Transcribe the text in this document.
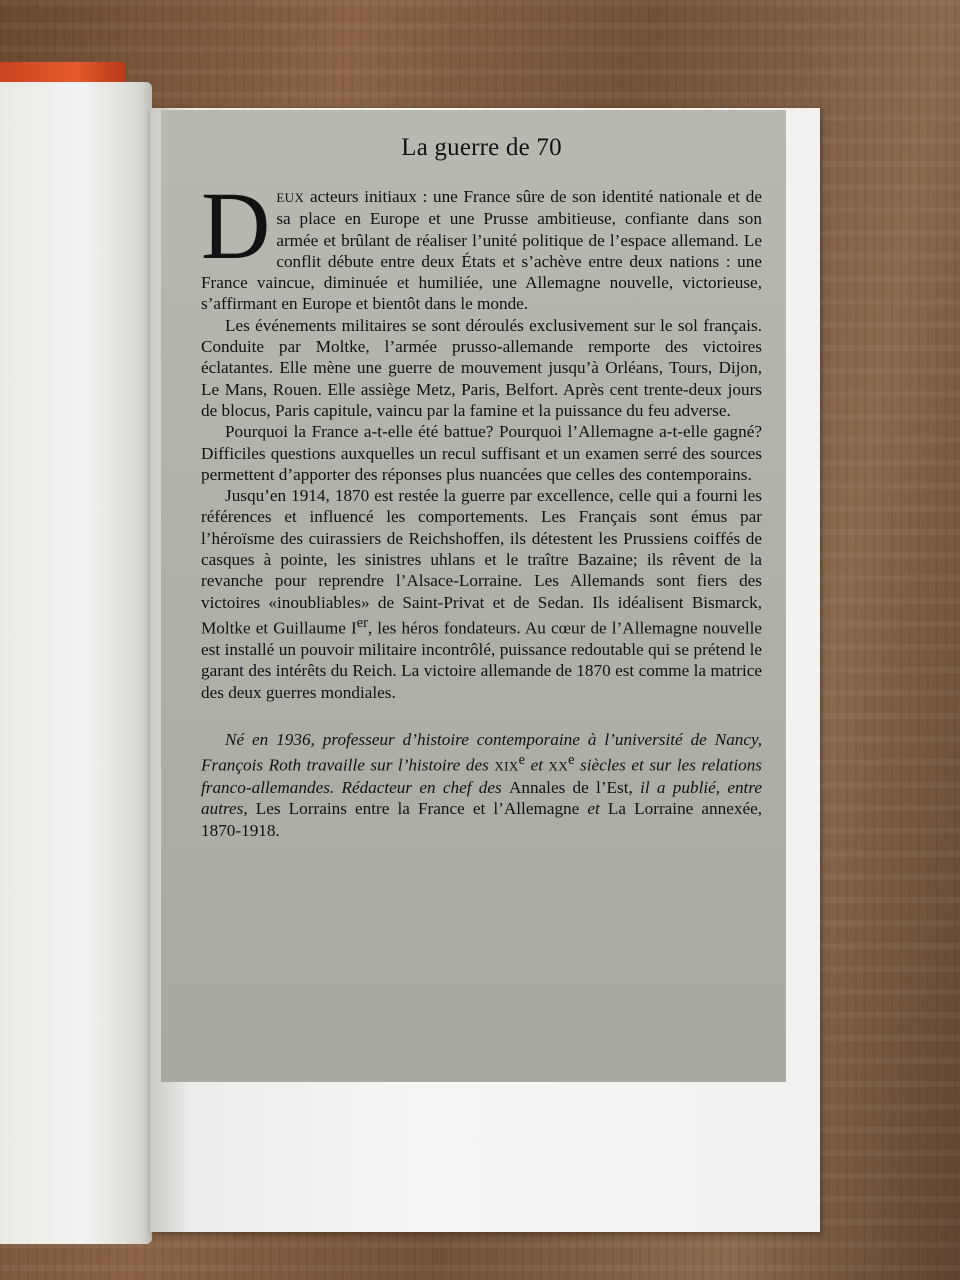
La guerre de 70

DEUX acteurs initiaux : une France sûre de son identité nationale et de sa place en Europe et une Prusse ambitieuse, confiante dans son armée et brûlant de réaliser l’unité politique de l’espace allemand. Le conflit débute entre deux États et s’achève entre deux nations : une France vaincue, diminuée et humiliée, une Allemagne nouvelle, victorieuse, s’affirmant en Europe et bientôt dans le monde.

Les événements militaires se sont déroulés exclusivement sur le sol français. Conduite par Moltke, l’armée prusso-allemande remporte des victoires éclatantes. Elle mène une guerre de mouvement jusqu’à Orléans, Tours, Dijon, Le Mans, Rouen. Elle assiège Metz, Paris, Belfort. Après cent trente-deux jours de blocus, Paris capitule, vaincu par la famine et la puissance du feu adverse.

Pourquoi la France a-t-elle été battue? Pourquoi l’Allemagne a-t-elle gagné? Difficiles questions auxquelles un recul suffisant et un examen serré des sources permettent d’apporter des réponses plus nuancées que celles des contemporains.

Jusqu’en 1914, 1870 est restée la guerre par excellence, celle qui a fourni les références et influencé les comportements. Les Français sont émus par l’héroïsme des cuirassiers de Reichshoffen, ils détestent les Prussiens coiffés de casques à pointe, les sinistres uhlans et le traître Bazaine; ils rêvent de la revanche pour reprendre l’Alsace-Lorraine. Les Allemands sont fiers des victoires «inoubliables» de Saint-Privat et de Sedan. Ils idéalisent Bismarck, Moltke et Guillaume Ier, les héros fondateurs. Au cœur de l’Allemagne nouvelle est installé un pouvoir militaire incontrôlé, puissance redoutable qui se prétend le garant des intérêts du Reich. La victoire allemande de 1870 est comme la matrice des deux guerres mondiales.

Né en 1936, professeur d’histoire contemporaine à l’université de Nancy, François Roth travaille sur l’histoire des XIXe et XXe siècles et sur les relations franco-allemandes. Rédacteur en chef des Annales de l’Est, il a publié, entre autres, Les Lorrains entre la France et l’Allemagne et La Lorraine annexée, 1870-1918.
